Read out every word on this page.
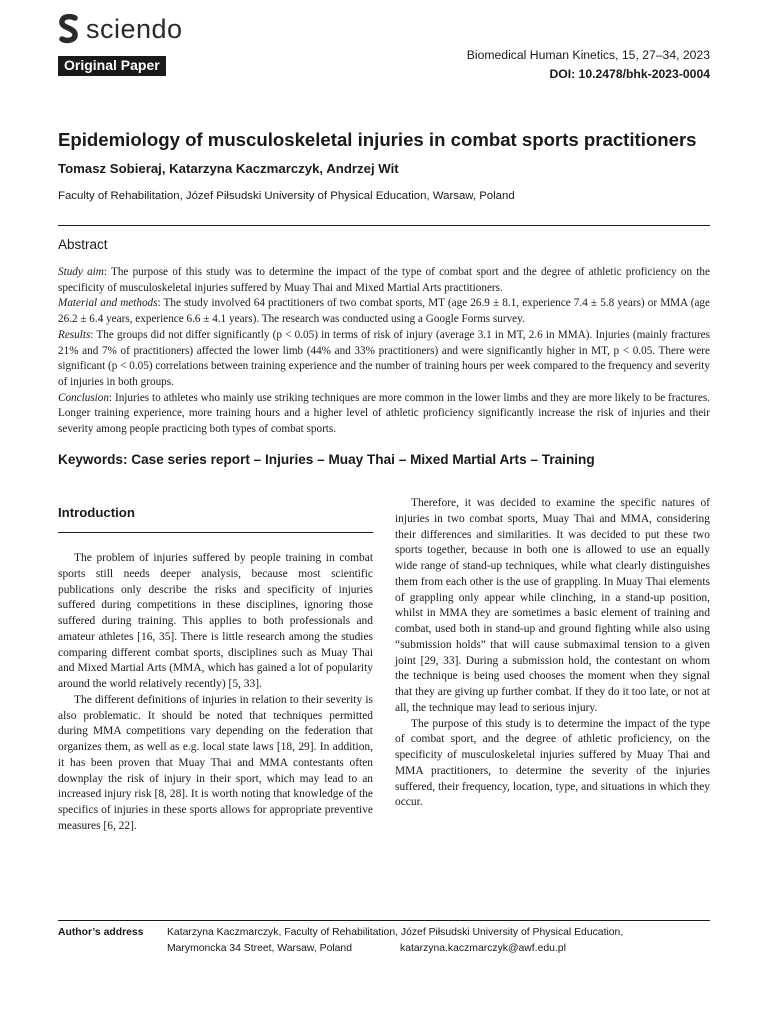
sciendo
Original Paper
Biomedical Human Kinetics, 15, 27–34, 2023
DOI: 10.2478/bhk-2023-0004
Epidemiology of musculoskeletal injuries in combat sports practitioners
Tomasz Sobieraj, Katarzyna Kaczmarczyk, Andrzej Wit
Faculty of Rehabilitation, Józef Piłsudski University of Physical Education, Warsaw, Poland
Abstract

Study aim: The purpose of this study was to determine the impact of the type of combat sport and the degree of athletic proficiency on the specificity of musculoskeletal injuries suffered by Muay Thai and Mixed Martial Arts practitioners.

Material and methods: The study involved 64 practitioners of two combat sports, MT (age 26.9 ± 8.1, experience 7.4 ± 5.8 years) or MMA (age 26.2 ± 6.4 years, experience 6.6 ± 4.1 years). The research was conducted using a Google Forms survey.

Results: The groups did not differ significantly (p < 0.05) in terms of risk of injury (average 3.1 in MT, 2.6 in MMA). Injuries (mainly fractures 21% and 7% of practitioners) affected the lower limb (44% and 33% practitioners) and were significantly higher in MT, p < 0.05. There were significant (p < 0.05) correlations between training experience and the number of training hours per week compared to the frequency and severity of injuries in both groups.

Conclusion: Injuries to athletes who mainly use striking techniques are more common in the lower limbs and they are more likely to be fractures. Longer training experience, more training hours and a higher level of athletic proficiency significantly increase the risk of injuries and their severity among people practicing both types of combat sports.

Keywords: Case series report – Injuries – Muay Thai – Mixed Martial Arts – Training
Introduction

The problem of injuries suffered by people training in combat sports still needs deeper analysis, because most scientific publications only describe the risks and specificity of injuries suffered during competitions in these disciplines, ignoring those suffered during training. This applies to both professionals and amateur athletes [16, 35]. There is little research among the studies comparing different combat sports, disciplines such as Muay Thai and Mixed Martial Arts (MMA, which has gained a lot of popularity around the world relatively recently) [5, 33].

The different definitions of injuries in relation to their severity is also problematic. It should be noted that techniques permitted during MMA competitions vary depending on the federation that organizes them, as well as e.g. local state laws [18, 29]. In addition, it has been proven that Muay Thai and MMA contestants often downplay the risk of injury in their sport, which may lead to an increased injury risk [8, 28]. It is worth noting that knowledge of the specifics of injuries in these sports allows for appropriate preventive measures [6, 22].

Therefore, it was decided to examine the specific natures of injuries in two combat sports, Muay Thai and MMA, considering their differences and similarities. It was decided to put these two sports together, because in both one is allowed to use an equally wide range of stand-up techniques, while what clearly distinguishes them from each other is the use of grappling. In Muay Thai elements of grappling only appear while clinching, in a stand-up position, whilst in MMA they are sometimes a basic element of training and combat, used both in stand-up and ground fighting while also using “submission holds” that will cause submaximal tension to a given joint [29, 33]. During a submission hold, the contestant on whom the technique is being used chooses the moment when they signal that they are giving up further combat. If they do it too late, or not at all, the technique may lead to serious injury.

The purpose of this study is to determine the impact of the type of combat sport, and the degree of athletic proficiency, on the specificity of musculoskeletal injuries suffered by Muay Thai and MMA practitioners, to determine the severity of the injuries suffered, their frequency, location, type, and situations in which they occur.

Author’s address Katarzyna Kaczmarczyk, Faculty of Rehabilitation, Józef Piłsudski University of Physical Education,
Marymoncka 34 Street, Warsaw, Poland	katarzyna.kaczmarczyk@awf.edu.pl
